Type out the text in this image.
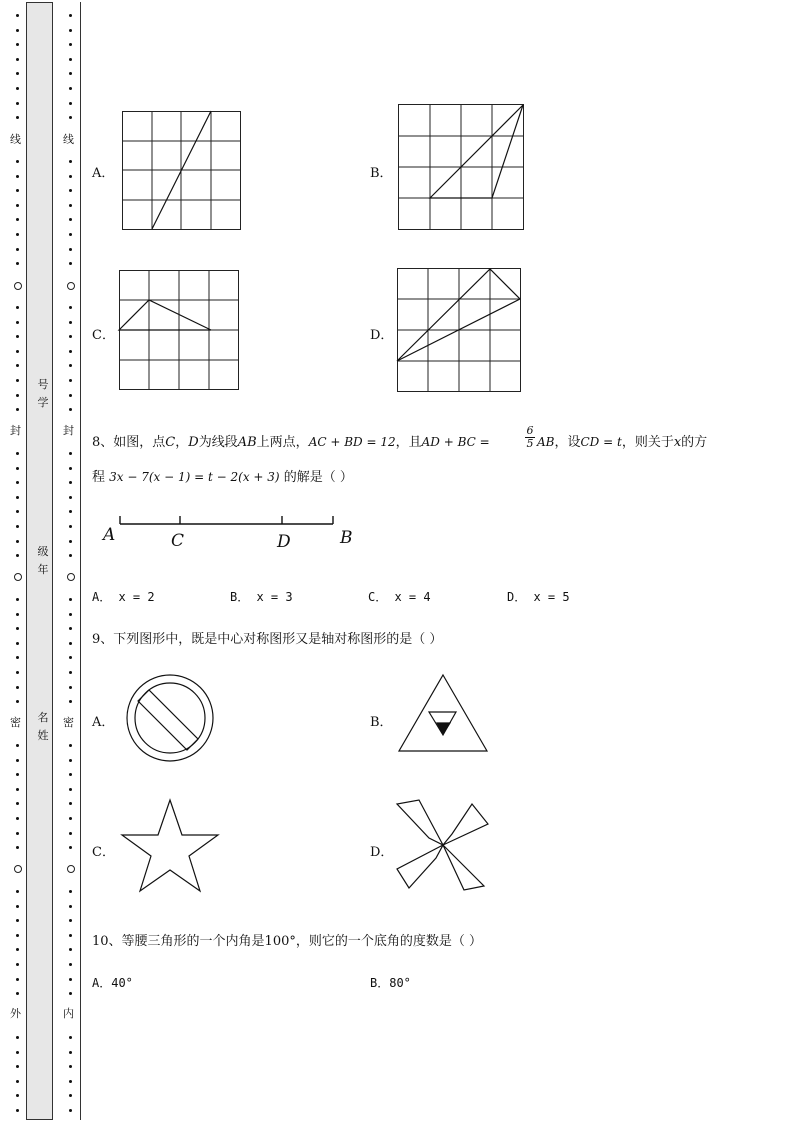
线
封
密
外
线
封
密
内
号学
级年
名姓
A．	B．
C．	D．
8、如图，点C，D为线段AB上两点，AC + BD = 12，且AD + BC =	$\frac{6}{5}$ AB，设CD = t，则关于x的方
程 3x − 7(x − 1) = t − 2(x + 3) 的解是（ ）
A	C	D	B
A． x = 2	B． x = 3	C． x = 4	D． x = 5
9、下列图形中，既是中心对称图形又是轴对称图形的是（ ）
A．	B．
C．	D．
10、等腰三角形的一个内角是100°，则它的一个底角的度数是（ ）
A．40°	B．80°
